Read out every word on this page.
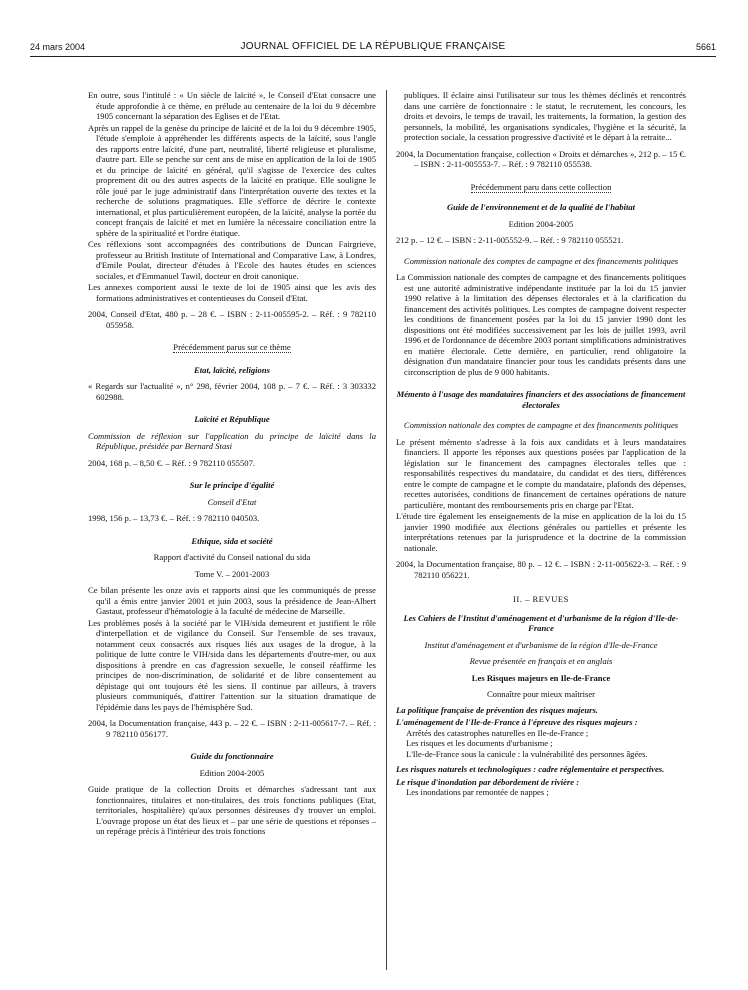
24 mars 2004	JOURNAL OFFICIEL DE LA RÉPUBLIQUE FRANÇAISE	5661

En outre, sous l'intitulé : « Un siècle de laïcité », le Conseil d'Etat consacre une étude approfondie à ce thème, en prélude au centenaire de la loi du 9 décembre 1905 concernant la séparation des Eglises et de l'Etat.

Après un rappel de la genèse du principe de laïcité et de la loi du 9 décembre 1905, l'étude s'emploie à appréhender les différents aspects de la laïcité, sous l'angle des rapports entre laïcité, d'une part, neutralité, liberté religieuse et pluralisme, d'autre part. Elle se penche sur cent ans de mise en application de la loi de 1905 et du principe de laïcité en général, qu'il s'agisse de l'exercice des cultes proprement dit ou des autres aspects de la laïcité en pratique. Elle souligne le rôle joué par le juge administratif dans l'interprétation ouverte des textes et la recherche de solutions pragmatiques. Elle s'efforce de décrire le contexte international, et plus particulièrement européen, de la laïcité, analyse la portée du concept français de laïcité et met en lumière la nécessaire conciliation entre la sphère de la spiritualité et l'ordre étatique.

Ces réflexions sont accompagnées des contributions de Duncan Fairgrieve, professeur au British Institute of International and Comparative Law, à Londres, d'Emile Poulat, directeur d'études à l'Ecole des hautes études en sciences sociales, et d'Emmanuel Tawil, docteur en droit canonique.

Les annexes comportent aussi le texte de loi de 1905 ainsi que les avis des formations administratives et contentieuses du Conseil d'Etat.

2004, Conseil d'Etat, 480 p. – 28 €. – ISBN : 2-11-005595-2. – Réf. : 9 782110 055958.

Précédemment parus sur ce thème

Etat, laïcité, religions

« Regards sur l'actualité », n° 298, février 2004, 108 p. – 7 €. – Réf. : 3 303332 602988.

Laïcité et République

Commission de réflexion sur l'application du principe de laïcité dans la République, présidée par Bernard Stasi

2004, 168 p. – 8,50 €. – Réf. : 9 782110 055507.

Sur le principe d'égalité

Conseil d'Etat

1998, 156 p. – 13,73 €. – Réf. : 9 782110 040503.

Ethique, sida et société

Rapport d'activité du Conseil national du sida

Tome V. – 2001-2003

Ce bilan présente les onze avis et rapports ainsi que les communiqués de presse qu'il a émis entre janvier 2001 et juin 2003, sous la présidence de Jean-Albert Gastaut, professeur d'hématologie à la faculté de médecine de Marseille.

Les problèmes posés à la société par le VIH/sida demeurent et justifient le rôle d'interpellation et de vigilance du Conseil. Sur l'ensemble de ses travaux, notamment ceux consacrés aux risques liés aux usages de la drogue, à la politique de lutte contre le VIH/sida dans les départements d'outre-mer, ou aux dispositions à prendre en cas d'agression sexuelle, le conseil réaffirme les principes de non-discrimination, de solidarité et de libre consentement au dépistage qui ont toujours été les siens. Il continue par ailleurs, à travers plusieurs communiqués, d'attirer l'attention sur la situation dramatique de l'épidémie dans les pays de l'hémisphère Sud.

2004, la Documentation française, 443 p. – 22 €. – ISBN : 2-11-005617-7. – Réf. : 9 782110 056177.

Guide du fonctionnaire

Edition 2004-2005

Guide pratique de la collection Droits et démarches s'adressant tant aux fonctionnaires, titulaires et non-titulaires, des trois fonctions publiques (Etat, territoriales, hospitalière) qu'aux personnes désireuses d'y trouver un emploi. L'ouvrage propose un état des lieux et – par une série de questions et réponses – un repérage précis à l'intérieur des trois fonctions

publiques. Il éclaire ainsi l'utilisateur sur tous les thèmes déclinés et rencontrés dans une carrière de fonctionnaire : le statut, le recrutement, les concours, les droits et devoirs, le temps de travail, les traitements, la formation, la gestion des personnels, la mobilité, les organisations syndicales, l'hygiène et la sécurité, la protection sociale, la cessation progressive d'activité et le départ à la retraite...

2004, la Documentation française, collection « Droits et démarches », 212 p. – 15 €. – ISBN : 2-11-005553-7. – Réf. : 9 782110 055538.

Précédemment paru dans cette collection

Guide de l'environnement et de la qualité de l'habitat

Edition 2004-2005

212 p. – 12 €. – ISBN : 2-11-005552-9. – Réf. : 9 782110 055521.

Commission nationale des comptes de campagne et des financements politiques

La Commission nationale des comptes de campagne et des financements politiques est une autorité administrative indépendante instituée par la loi du 15 janvier 1990 relative à la limitation des dépenses électorales et à la clarification du financement des activités politiques. Les comptes de campagne doivent respecter les conditions de financement posées par la loi du 15 janvier 1990 dont les dispositions ont été modifiées successivement par les lois de juillet 1993, avril 1996 et de l'ordonnance de décembre 2003 portant simplifications administratives en matière électorale. Cette dernière, en particulier, rend obligatoire la désignation d'un mandataire financier pour tous les candidats présents dans une circonscription de plus de 9 000 habitants.

Mémento à l'usage des mandataires financiers et des associations de financement électorales

Commission nationale des comptes de campagne et des financements politiques

Le présent mémento s'adresse à la fois aux candidats et à leurs mandataires financiers. Il apporte les réponses aux questions posées par l'application de la législation sur le financement des campagnes électorales telles que : responsabilités respectives du mandataire, du candidat et des tiers, différences entre le compte de campagne et le compte du mandataire, plafonds des dépenses, recettes autorisées, conditions de financement de certaines opérations de nature particulière, montant des remboursements pris en charge par l'Etat.

L'étude tire également les enseignements de la mise en application de la loi du 15 janvier 1990 modifiée aux élections générales ou partielles et présente les interprétations retenues par la jurisprudence et la doctrine de la commission nationale.

2004, la Documentation française, 80 p. – 12 €. – ISBN : 2-11-005622-3. – Réf. : 9 782110 056221.

II. – REVUES

Les Cahiers de l'Institut d'aménagement et d'urbanisme de la région d'Ile-de-France

Institut d'aménagement et d'urbanisme de la région d'Ile-de-France

Revue présentée en français et en anglais

Les Risques majeurs en Ile-de-France

Connaître pour mieux maîtriser

La politique française de prévention des risques majeurs.

L'aménagement de l'Ile-de-France à l'épreuve des risques majeurs :

Arrêtés des catastrophes naturelles en Ile-de-France ;

Les risques et les documents d'urbanisme ;

L'Ile-de-France sous la canicule : la vulnérabilité des personnes âgées.

Les risques naturels et technologiques : cadre réglementaire et perspectives.

Le risque d'inondation par débordement de rivière :

Les inondations par remontée de nappes ;
